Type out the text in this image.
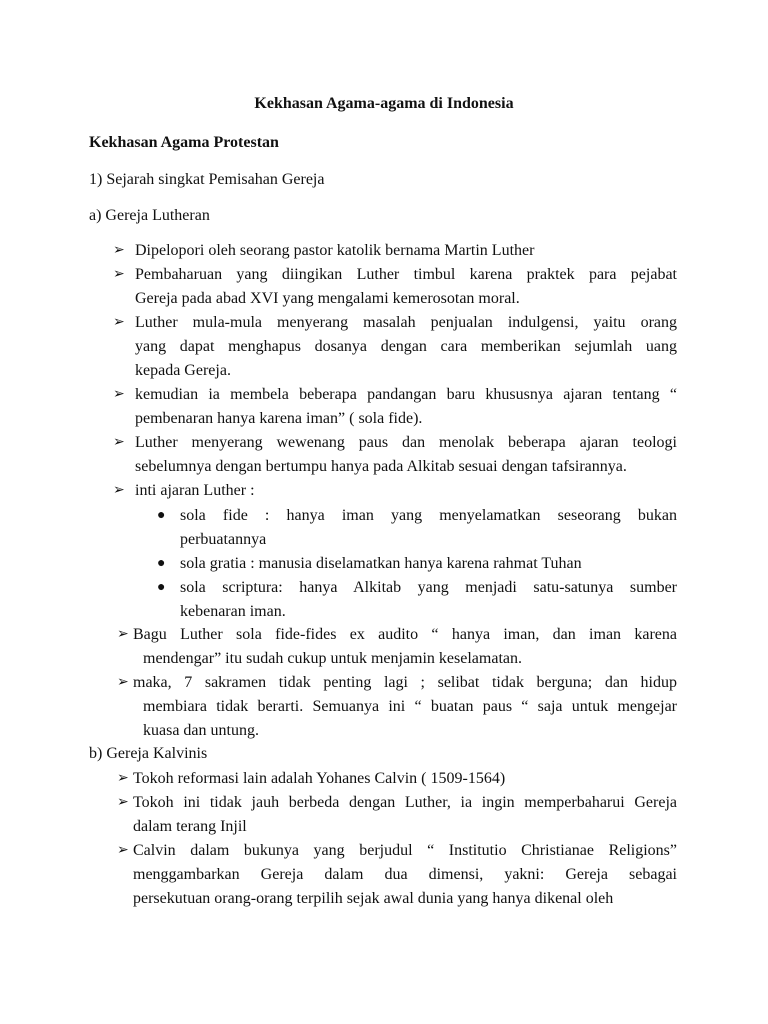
Kekhasan Agama-agama di Indonesia
Kekhasan Agama Protestan
1) Sejarah singkat Pemisahan Gereja
a) Gereja Lutheran
➢ Dipelopori oleh seorang pastor katolik bernama Martin Luther
➢ Pembaharuan yang diingikan Luther timbul karena praktek para pejabat
Gereja pada abad XVI yang mengalami kemerosotan moral.
➢ Luther mula-mula menyerang masalah penjualan indulgensi, yaitu orang
yang dapat menghapus dosanya dengan cara memberikan sejumlah uang
kepada Gereja.
➢ kemudian ia membela beberapa pandangan baru khususnya ajaran tentang “
pembenaran hanya karena iman” ( sola fide).
➢ Luther menyerang wewenang paus dan menolak beberapa ajaran teologi
sebelumnya dengan bertumpu hanya pada Alkitab sesuai dengan tafsirannya.
➢ inti ajaran Luther :
● sola fide : hanya iman yang menyelamatkan seseorang bukan
perbuatannya
● sola gratia : manusia diselamatkan hanya karena rahmat Tuhan
● sola scriptura: hanya Alkitab yang menjadi satu-satunya sumber
kebenaran iman.
➢ Bagu Luther sola fide-fides ex audito “ hanya iman, dan iman karena
mendengar” itu sudah cukup untuk menjamin keselamatan.
➢ maka, 7 sakramen tidak penting lagi ; selibat tidak berguna; dan hidup
membiara tidak berarti. Semuanya ini “ buatan paus “ saja untuk mengejar
kuasa dan untung.
b) Gereja Kalvinis
➢ Tokoh reformasi lain adalah Yohanes Calvin ( 1509-1564)
➢ Tokoh ini tidak jauh berbeda dengan Luther, ia ingin memperbaharui Gereja
dalam terang Injil
➢ Calvin dalam bukunya yang berjudul “ Institutio Christianae Religions”
menggambarkan Gereja dalam dua dimensi, yakni: Gereja sebagai
persekutuan orang-orang terpilih sejak awal dunia yang hanya dikenal oleh
